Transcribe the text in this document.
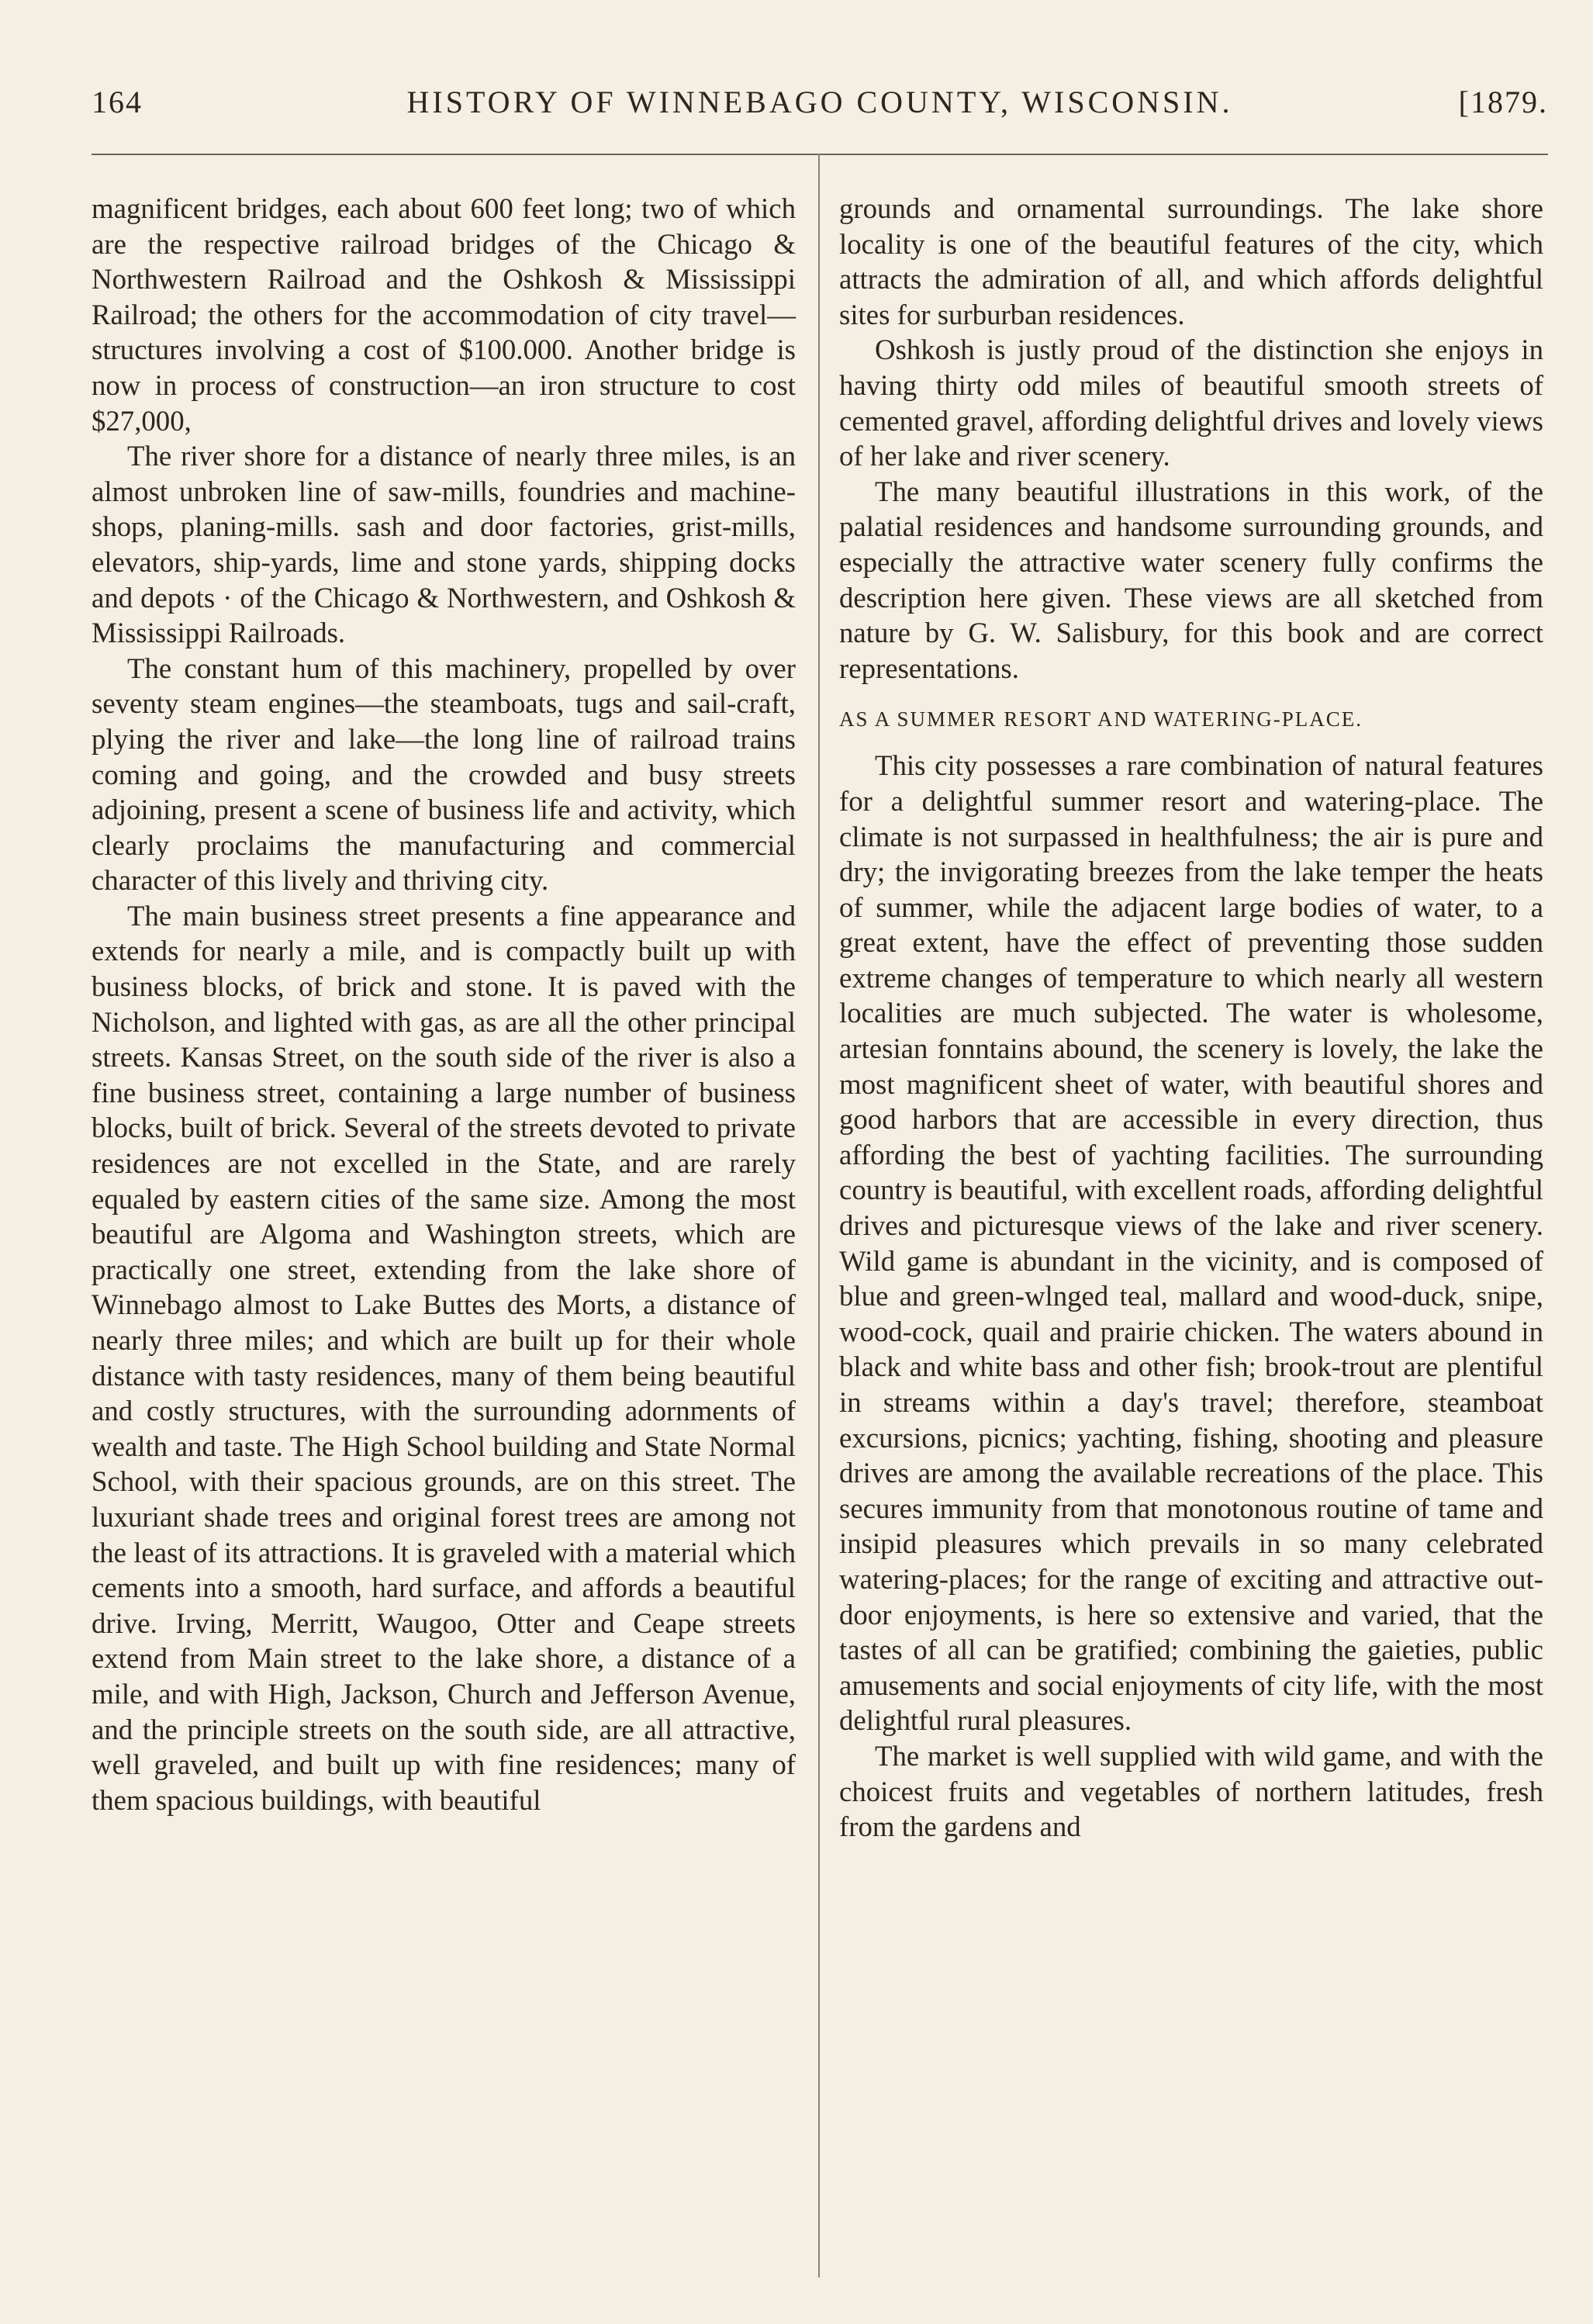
164	HISTORY OF WINNEBAGO COUNTY, WISCONSIN.	[1879.

magnificent bridges, each about 600 feet long; two of which are the respective railroad bridges of the Chicago & Northwestern Railroad and the Oshkosh & Mississippi Railroad; the others for the accommodation of city travel—structures involving a cost of $100.000. Another bridge is now in process of construction—an iron structure to cost $27,000,

The river shore for a distance of nearly three miles, is an almost unbroken line of saw-mills, foundries and machine-shops, planing-mills. sash and door factories, grist-mills, elevators, ship-yards, lime and stone yards, shipping docks and depots · of the Chicago & Northwestern, and Oshkosh & Mississippi Railroads.

The constant hum of this machinery, propelled by over seventy steam engines—the steamboats, tugs and sail-craft, plying the river and lake—the long line of railroad trains coming and going, and the crowded and busy streets adjoining, present a scene of business life and activity, which clearly proclaims the manufacturing and commercial character of this lively and thriving city.

The main business street presents a fine appearance and extends for nearly a mile, and is compactly built up with business blocks, of brick and stone. It is paved with the Nicholson, and lighted with gas, as are all the other principal streets. Kansas Street, on the south side of the river is also a fine business street, containing a large number of business blocks, built of brick. Several of the streets devoted to private residences are not excelled in the State, and are rarely equaled by eastern cities of the same size. Among the most beautiful are Algoma and Washington streets, which are practically one street, extending from the lake shore of Winnebago almost to Lake Buttes des Morts, a distance of nearly three miles; and which are built up for their whole distance with tasty residences, many of them being beautiful and costly structures, with the surrounding adornments of wealth and taste. The High School building and State Normal School, with their spacious grounds, are on this street. The luxuriant shade trees and original forest trees are among not the least of its attractions. It is graveled with a material which cements into a smooth, hard surface, and affords a beautiful drive. Irving, Merritt, Waugoo, Otter and Ceape streets extend from Main street to the lake shore, a distance of a mile, and with High, Jackson, Church and Jefferson Avenue, and the principle streets on the south side, are all attractive, well graveled, and built up with fine residences; many of them spacious buildings, with beautiful

grounds and ornamental surroundings. The lake shore locality is one of the beautiful features of the city, which attracts the admiration of all, and which affords delightful sites for surburban residences.

Oshkosh is justly proud of the distinction she enjoys in having thirty odd miles of beautiful smooth streets of cemented gravel, affording delightful drives and lovely views of her lake and river scenery.

The many beautiful illustrations in this work, of the palatial residences and handsome surrounding grounds, and especially the attractive water scenery fully confirms the description here given. These views are all sketched from nature by G. W. Salisbury, for this book and are correct representations.

AS A SUMMER RESORT AND WATERING-PLACE.

This city possesses a rare combination of natural features for a delightful summer resort and watering-place. The climate is not surpassed in healthfulness; the air is pure and dry; the invigorating breezes from the lake temper the heats of summer, while the adjacent large bodies of water, to a great extent, have the effect of preventing those sudden extreme changes of temperature to which nearly all western localities are much subjected. The water is wholesome, artesian fonntains abound, the scenery is lovely, the lake the most magnificent sheet of water, with beautiful shores and good harbors that are accessible in every direction, thus affording the best of yachting facilities. The surrounding country is beautiful, with excellent roads, affording delightful drives and picturesque views of the lake and river scenery. Wild game is abundant in the vicinity, and is composed of blue and green-wlnged teal, mallard and wood-duck, snipe, wood-cock, quail and prairie chicken. The waters abound in black and white bass and other fish; brook-trout are plentiful in streams within a day's travel; therefore, steamboat excursions, picnics; yachting, fishing, shooting and pleasure drives are among the available recreations of the place. This secures immunity from that monotonous routine of tame and insipid pleasures which prevails in so many celebrated watering-places; for the range of exciting and attractive out-door enjoyments, is here so extensive and varied, that the tastes of all can be gratified; combining the gaieties, public amusements and social enjoyments of city life, with the most delightful rural pleasures.

The market is well supplied with wild game, and with the choicest fruits and vegetables of northern latitudes, fresh from the gardens and
